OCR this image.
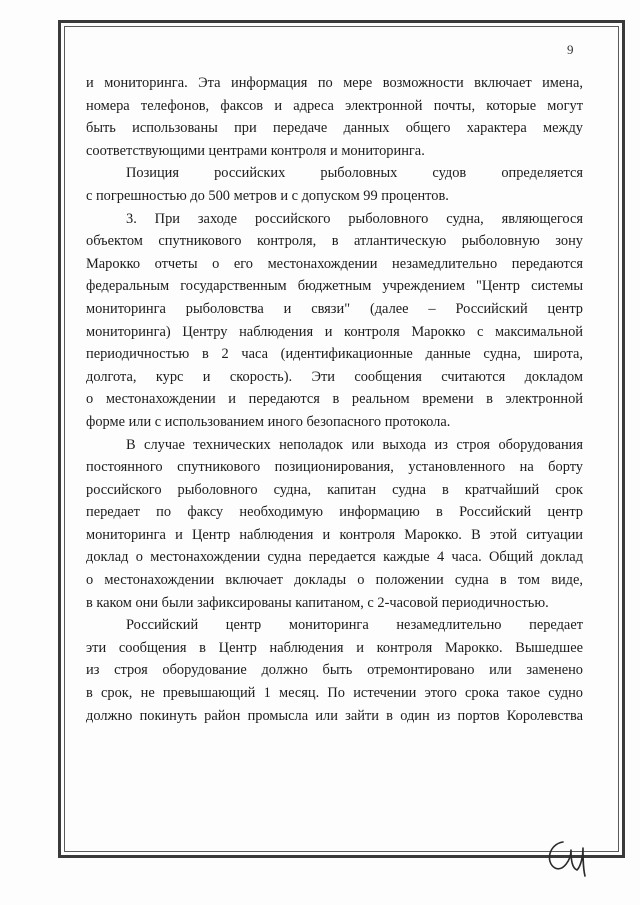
9
и мониторинга. Эта информация по мере возможности включает имена,
номера телефонов, факсов и адреса электронной почты, которые могут
быть использованы при передаче данных общего характера между
соответствующими центрами контроля и мониторинга.
Позиция российских рыболовных судов определяется
с погрешностью до 500 метров и с допуском 99 процентов.
3. При заходе российского рыболовного судна, являющегося
объектом спутникового контроля, в атлантическую рыболовную зону
Марокко отчеты о его местонахождении незамедлительно передаются
федеральным государственным бюджетным учреждением "Центр системы
мониторинга рыболовства и связи" (далее – Российский центр
мониторинга) Центру наблюдения и контроля Марокко с максимальной
периодичностью в 2 часа (идентификационные данные судна, широта,
долгота, курс и скорость). Эти сообщения считаются докладом
о местонахождении и передаются в реальном времени в электронной
форме или с использованием иного безопасного протокола.
В случае технических неполадок или выхода из строя оборудования
постоянного спутникового позиционирования, установленного на борту
российского рыболовного судна, капитан судна в кратчайший срок
передает по факсу необходимую информацию в Российский центр
мониторинга и Центр наблюдения и контроля Марокко. В этой ситуации
доклад о местонахождении судна передается каждые 4 часа. Общий доклад
о местонахождении включает доклады о положении судна в том виде,
в каком они были зафиксированы капитаном, с 2-часовой периодичностью.
Российский центр мониторинга незамедлительно передает
эти сообщения в Центр наблюдения и контроля Марокко. Вышедшее
из строя оборудование должно быть отремонтировано или заменено
в срок, не превышающий 1 месяц. По истечении этого срока такое судно
должно покинуть район промысла или зайти в один из портов Королевства
